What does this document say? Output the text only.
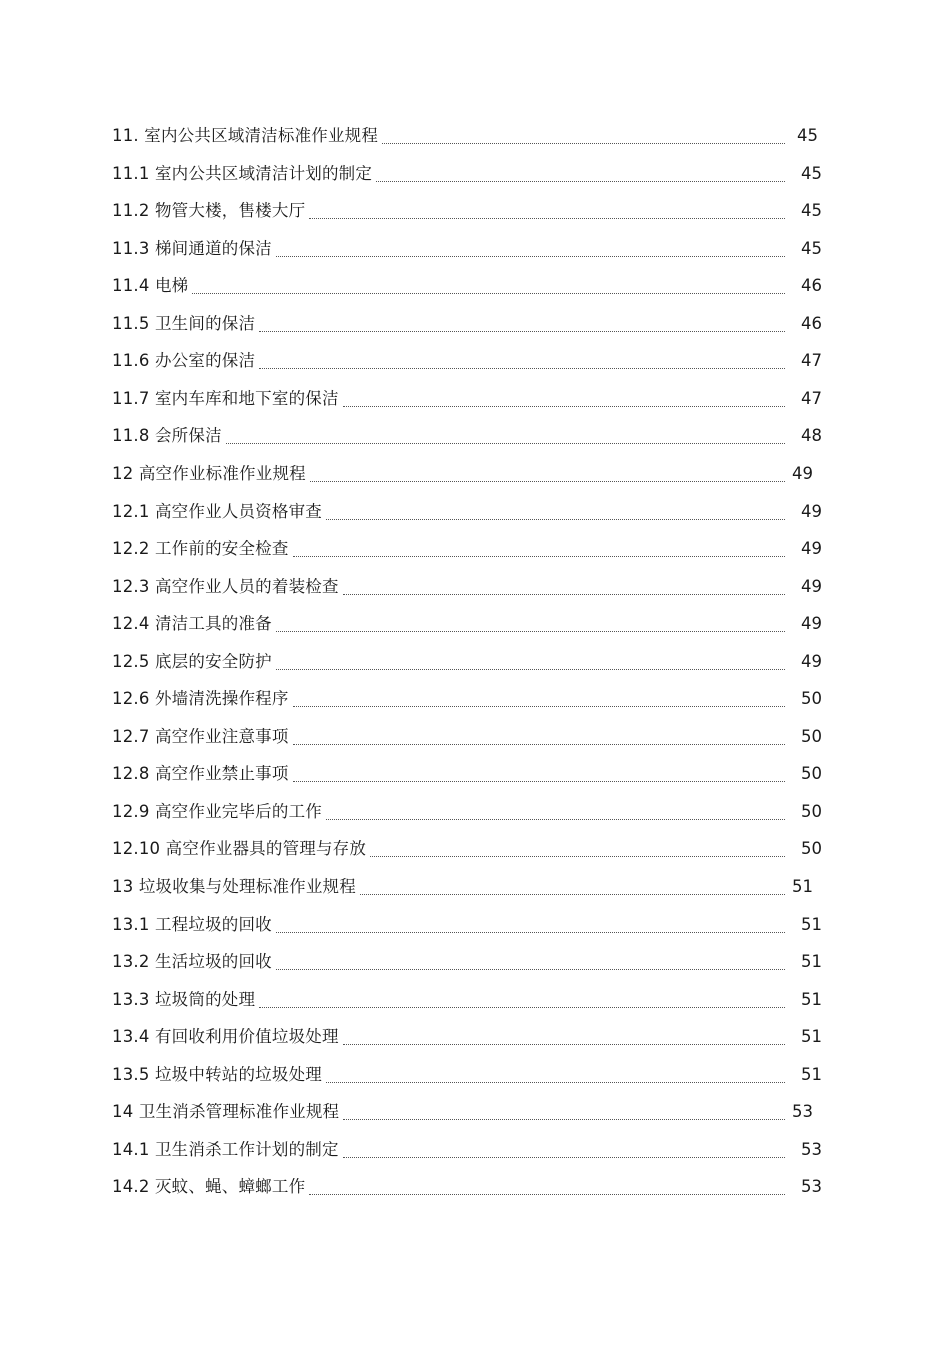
11. 室内公共区域清洁标准作业规程	45
11.1 室内公共区域清洁计划的制定	45
11.2 物管大楼，售楼大厅	45
11.3 梯间通道的保洁	45
11.4 电梯	46
11.5 卫生间的保洁	46
11.6 办公室的保洁	47
11.7 室内车库和地下室的保洁	47
11.8 会所保洁	48
12 高空作业标准作业规程	49
12.1 高空作业人员资格审查	49
12.2 工作前的安全检查	49
12.3 高空作业人员的着装检查	49
12.4 清洁工具的准备	49
12.5 底层的安全防护	49
12.6 外墙清洗操作程序	50
12.7 高空作业注意事项	50
12.8 高空作业禁止事项	50
12.9 高空作业完毕后的工作	50
12.10 高空作业器具的管理与存放	50
13 垃圾收集与处理标准作业规程	51
13.1 工程垃圾的回收	51
13.2 生活垃圾的回收	51
13.3 垃圾筒的处理	51
13.4 有回收利用价值垃圾处理	51
13.5 垃圾中转站的垃圾处理	51
14 卫生消杀管理标准作业规程	53
14.1 卫生消杀工作计划的制定	53
14.2 灭蚊、蝇、蟑螂工作	53
